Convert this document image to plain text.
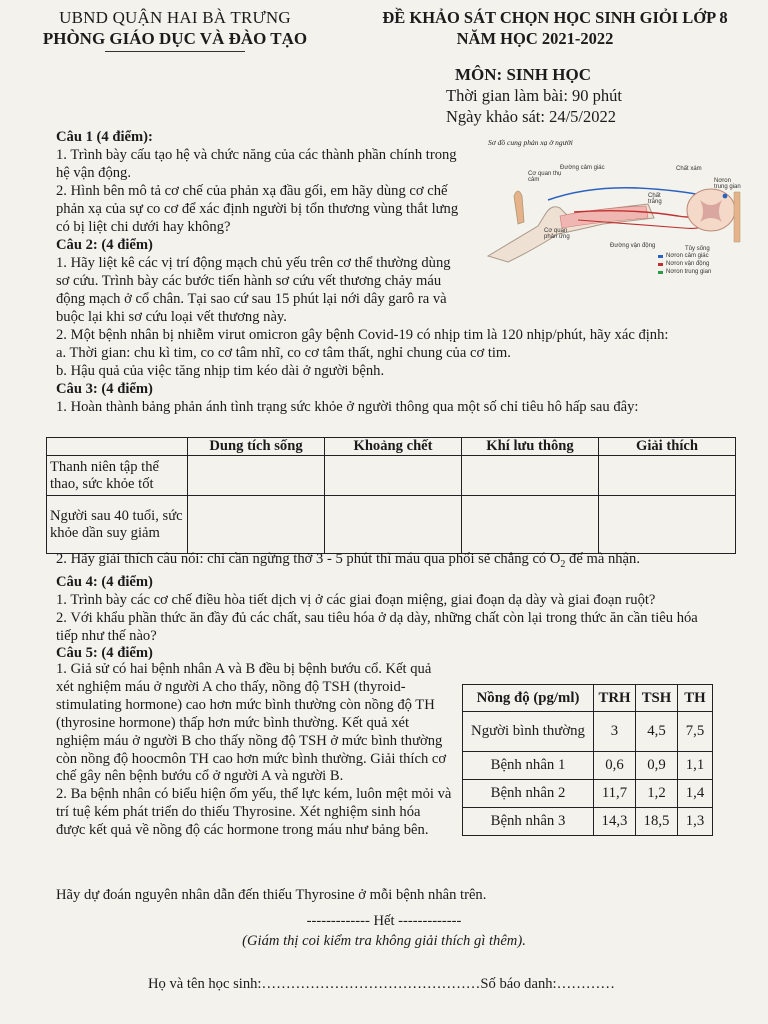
UBND QUẬN HAI BÀ TRƯNG
PHÒNG GIÁO DỤC VÀ ĐÀO TẠO
ĐỀ KHẢO SÁT CHỌN HỌC SINH GIỎI LỚP 8
NĂM HỌC 2021-2022
MÔN: SINH HỌC
Thời gian làm bài: 90 phút
Ngày khảo sát: 24/5/2022

Câu 1 (4 điểm):

1. Trình bày cấu tạo hệ và chức năng của các thành phần chính trong hệ vận động.

2. Hình bên mô tả cơ chế của phản xạ đầu gối, em hãy dùng cơ chế phản xạ của sự co cơ để xác định người bị tổn thương vùng thắt lưng có bị liệt chi dưới hay không?

Sơ đồ cung phản xạ ở người
Đường cảm giác
Cơ quan thụ cảm
Chất xám
Nơron trung gian
Chất trắng
Cơ quan phản ứng
Đường vận động	Tủy sống
Nơron cảm giác
Nơron vận động
Nơron trung gian

Câu 2: (4 điểm)

1. Hãy liệt kê các vị trí động mạch chủ yếu trên cơ thể thường dùng sơ cứu. Trình bày các bước tiến hành sơ cứu vết thương chảy máu động mạch ở cổ chân. Tại sao cứ sau 15 phút lại nới dây garô ra và buộc lại khi sơ cứu loại vết thương này.

2. Một bệnh nhân bị nhiễm virut omicron gây bệnh Covid-19 có nhịp tim là 120 nhịp/phút, hãy xác định:

a. Thời gian: chu kì tim, co cơ tâm nhĩ, co cơ tâm thất, nghỉ chung của cơ tim.

b. Hậu quả của việc tăng nhịp tim kéo dài ở người bệnh.

Câu 3: (4 điểm)

1. Hoàn thành bảng phản ánh tình trạng sức khỏe ở người thông qua một số chỉ tiêu hô hấp sau đây:

	Dung tích sống	Khoảng chết	Khí lưu thông	Giải thích
Thanh niên tập thể thao, sức khỏe tốt				
Người sau 40 tuổi, sức khỏe dần suy giảm				

2. Hãy giải thích câu nói: chỉ cần ngừng thở 3 - 5 phút thì máu qua phổi sẽ chẳng có $O_2$ để mà nhận.

Câu 4: (4 điểm)

1. Trình bày các cơ chế điều hòa tiết dịch vị ở các giai đoạn miệng, giai đoạn dạ dày và giai đoạn ruột?

2. Với khẩu phần thức ăn đầy đủ các chất, sau tiêu hóa ở dạ dày, những chất còn lại trong thức ăn cần tiêu hóa tiếp như thế nào?

Câu 5: (4 điểm)

1. Giả sử có hai bệnh nhân A và B đều bị bệnh bướu cổ. Kết quả xét nghiệm máu ở người A cho thấy, nồng độ TSH (thyroid-stimulating hormone) cao hơn mức bình thường còn nồng độ TH (thyrosine hormone) thấp hơn mức bình thường. Kết quả xét nghiệm máu ở người B cho thấy nồng độ TSH ở mức bình thường còn nồng độ hoocmôn TH cao hơn mức bình thường. Giải thích cơ chế gây nên bệnh bướu cổ ở người A và người B.

2. Ba bệnh nhân có biểu hiện ốm yếu, thể lực kém, luôn mệt mỏi và trí tuệ kém phát triển do thiếu Thyrosine. Xét nghiệm sinh hóa được kết quả về nồng độ các hormone trong máu như bảng bên.

Hãy dự đoán nguyên nhân dẫn đến thiếu Thyrosine ở mỗi bệnh nhân trên.

Nồng độ (pg/ml)	TRH	TSH	TH
Người bình thường	3	4,5	7,5
Bệnh nhân 1	0,6	0,9	1,1
Bệnh nhân 2	11,7	1,2	1,4
Bệnh nhân 3	14,3	18,5	1,3
------------- Hết -------------
(Giám thị coi kiểm tra không giải thích gì thêm).
Họ và tên học sinh:………………………………………Số báo danh:…………
